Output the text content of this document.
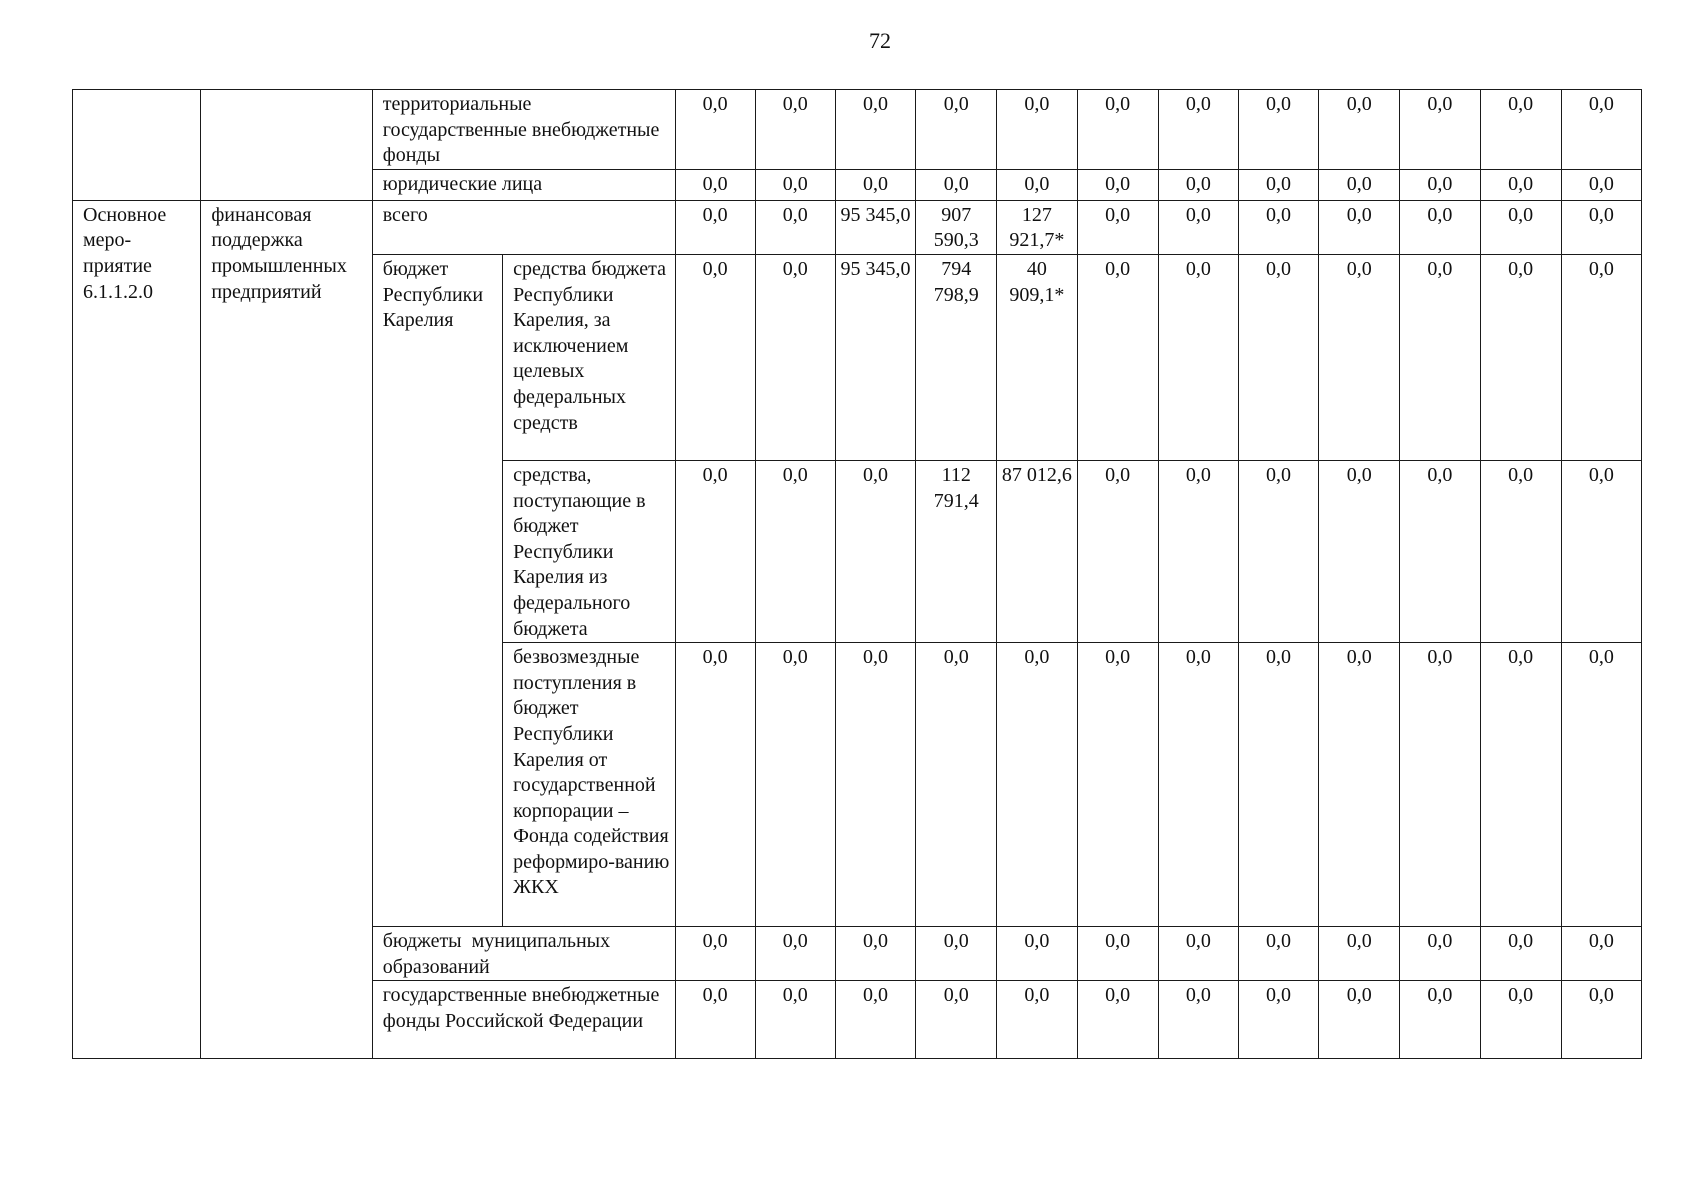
72
		территориальные государственные внебюджетные фонды		0,0	0,0	0,0	0,0	0,0	0,0	0,0	0,0	0,0	0,0	0,0	0,0
		юридические лица		0,0	0,0	0,0	0,0	0,0	0,0	0,0	0,0	0,0	0,0	0,0	0,0
Основное меро-приятие 6.1.1.2.0	финансовая поддержка промышленных предприятий	всего		0,0	0,0	95 345,0	907 590,3	127 921,7*	0,0	0,0	0,0	0,0	0,0	0,0	0,0
		бюджет Республики Карелия	средства бюджета Республики Карелия, за исключением целевых федеральных средств	0,0	0,0	95 345,0	794 798,9	40 909,1*	0,0	0,0	0,0	0,0	0,0	0,0	0,0
			средства, поступающие в бюджет Республики Карелия из федерального бюджета	0,0	0,0	0,0	112 791,4	87 012,6	0,0	0,0	0,0	0,0	0,0	0,0	0,0
			безвозмездные поступления в бюджет Республики Карелия от государственной корпорации – Фонда содействия реформиро-ванию ЖКХ	0,0	0,0	0,0	0,0	0,0	0,0	0,0	0,0	0,0	0,0	0,0	0,0
		бюджеты  муниципальных образований		0,0	0,0	0,0	0,0	0,0	0,0	0,0	0,0	0,0	0,0	0,0	0,0
		государственные внебюджетные фонды Российской Федерации		0,0	0,0	0,0	0,0	0,0	0,0	0,0	0,0	0,0	0,0	0,0	0,0
